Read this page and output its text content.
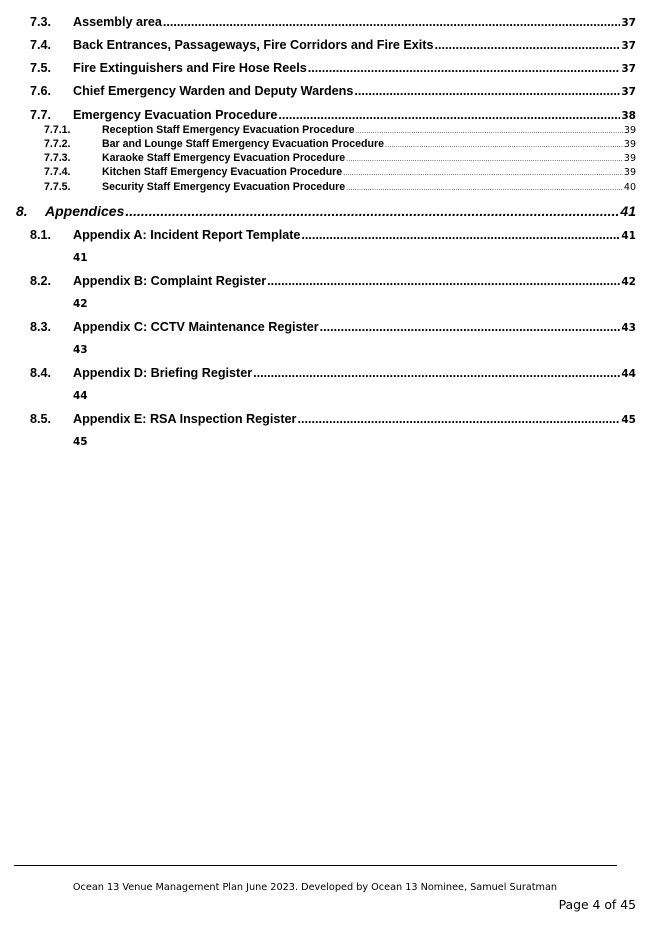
7.3.	Assembly area .....	37
7.4.	Back Entrances, Passageways, Fire Corridors and Fire Exits .....	37
7.5.	Fire Extinguishers and Fire Hose Reels .....	37
7.6.	Chief Emergency Warden and Deputy Wardens .....	37
7.7.	Emergency Evacuation Procedure .....	38
7.7.1.	Reception Staff Emergency Evacuation Procedure .....	39
7.7.2.	Bar and Lounge Staff Emergency Evacuation Procedure .....	39
7.7.3.	Karaoke Staff Emergency Evacuation Procedure .....	39
7.7.4.	Kitchen Staff Emergency Evacuation Procedure .....	39
7.7.5.	Security Staff Emergency Evacuation Procedure .....	40
8.	Appendices .....	41
8.1.	Appendix A: Incident Report Template .....	41
41
8.2.	Appendix B: Complaint Register .....	42
42
8.3.	Appendix C: CCTV Maintenance Register .....	43
43
8.4.	Appendix D: Briefing Register .....	44
44
8.5.	Appendix E: RSA Inspection Register .....	45
45
Ocean 13 Venue Management Plan June 2023. Developed by Ocean 13 Nominee, Samuel Suratman
Page 4 of 45
